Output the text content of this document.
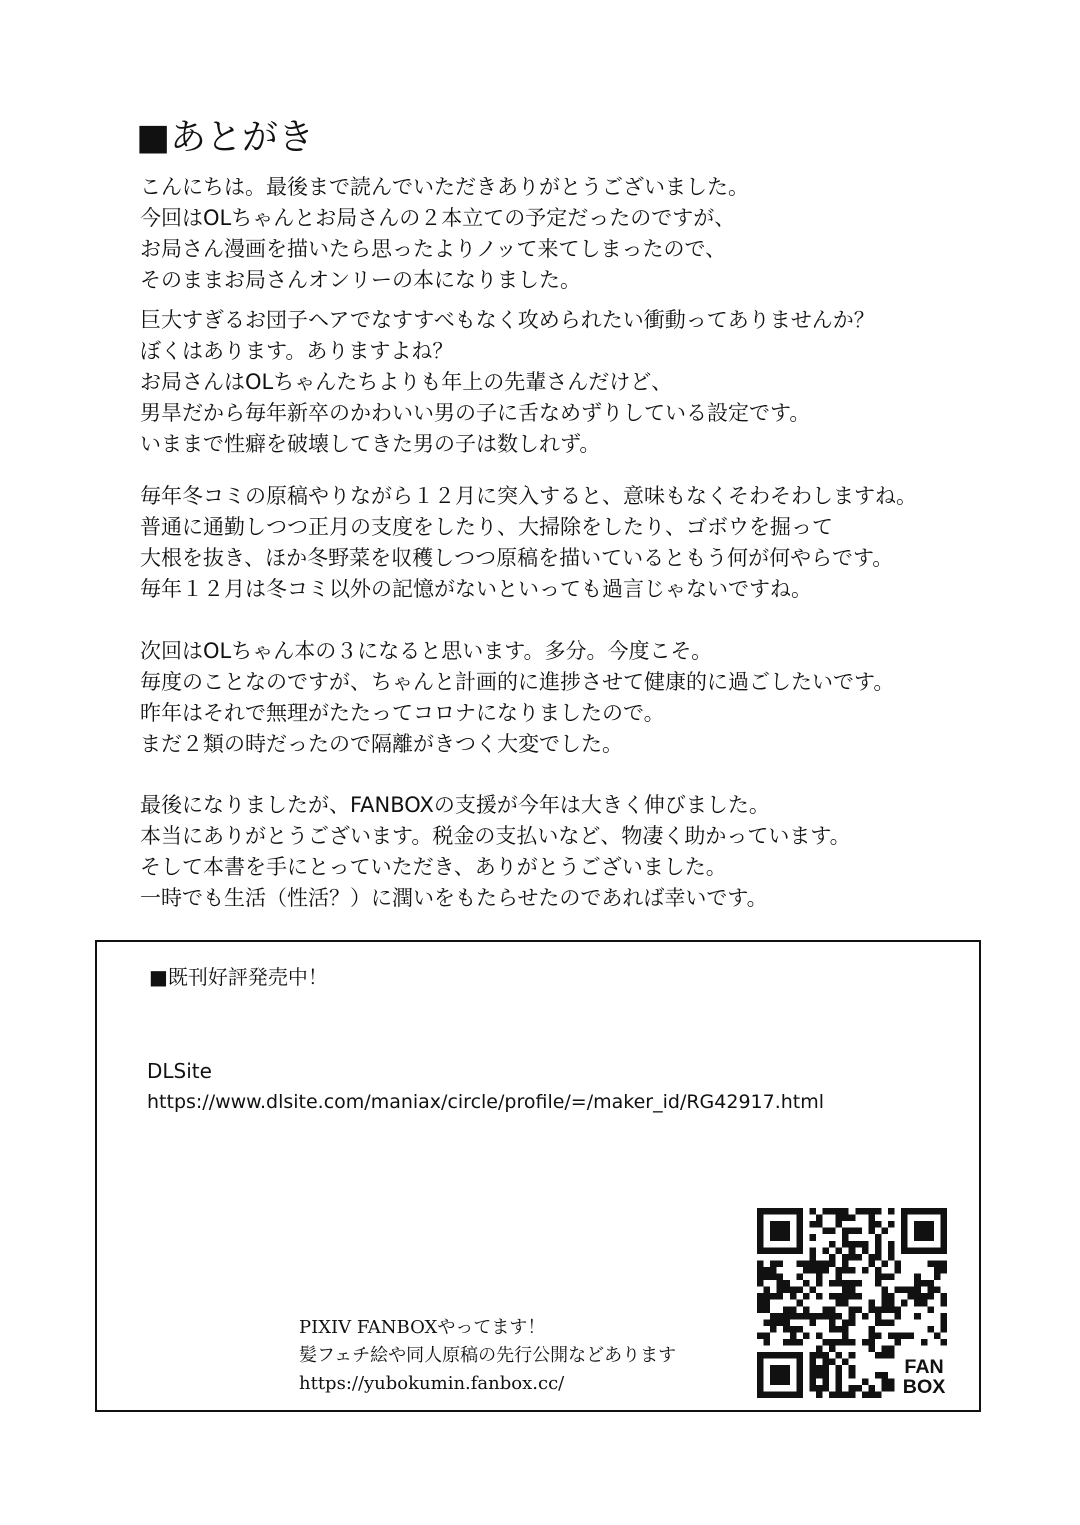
■あとがき
こんにちは。最後まで読んでいただきありがとうございました。
今回はOLちゃんとお局さんの２本立ての予定だったのですが、
お局さん漫画を描いたら思ったよりノッて来てしまったので、
そのままお局さんオンリーの本になりました。
巨大すぎるお団子ヘアでなすすべもなく攻められたい衝動ってありませんか？
ぼくはあります。ありますよね？
お局さんはOLちゃんたちよりも年上の先輩さんだけど、
男旱だから毎年新卒のかわいい男の子に舌なめずりしている設定です。
いままで性癖を破壊してきた男の子は数しれず。
毎年冬コミの原稿やりながら１２月に突入すると、意味もなくそわそわしますね。
普通に通勤しつつ正月の支度をしたり、大掃除をしたり、ゴボウを掘って
大根を抜き、ほか冬野菜を収穫しつつ原稿を描いているともう何が何やらです。
毎年１２月は冬コミ以外の記憶がないといっても過言じゃないですね。
次回はOLちゃん本の３になると思います。多分。今度こそ。
毎度のことなのですが、ちゃんと計画的に進捗させて健康的に過ごしたいです。
昨年はそれで無理がたたってコロナになりましたので。
まだ２類の時だったので隔離がきつく大変でした。
最後になりましたが、FANBOXの支援が今年は大きく伸びました。
本当にありがとうございます。税金の支払いなど、物凄く助かっています。
そして本書を手にとっていただき、ありがとうございました。
一時でも生活（性活？）に潤いをもたらせたのであれば幸いです。
■既刊好評発売中！
DLSite
https://www.dlsite.com/maniax/circle/profile/=/maker_id/RG42917.html
PIXIV FANBOXやってます！
髪フェチ絵や同人原稿の先行公開などあります
https://yubokumin.fanbox.cc/
FAN
BOX
